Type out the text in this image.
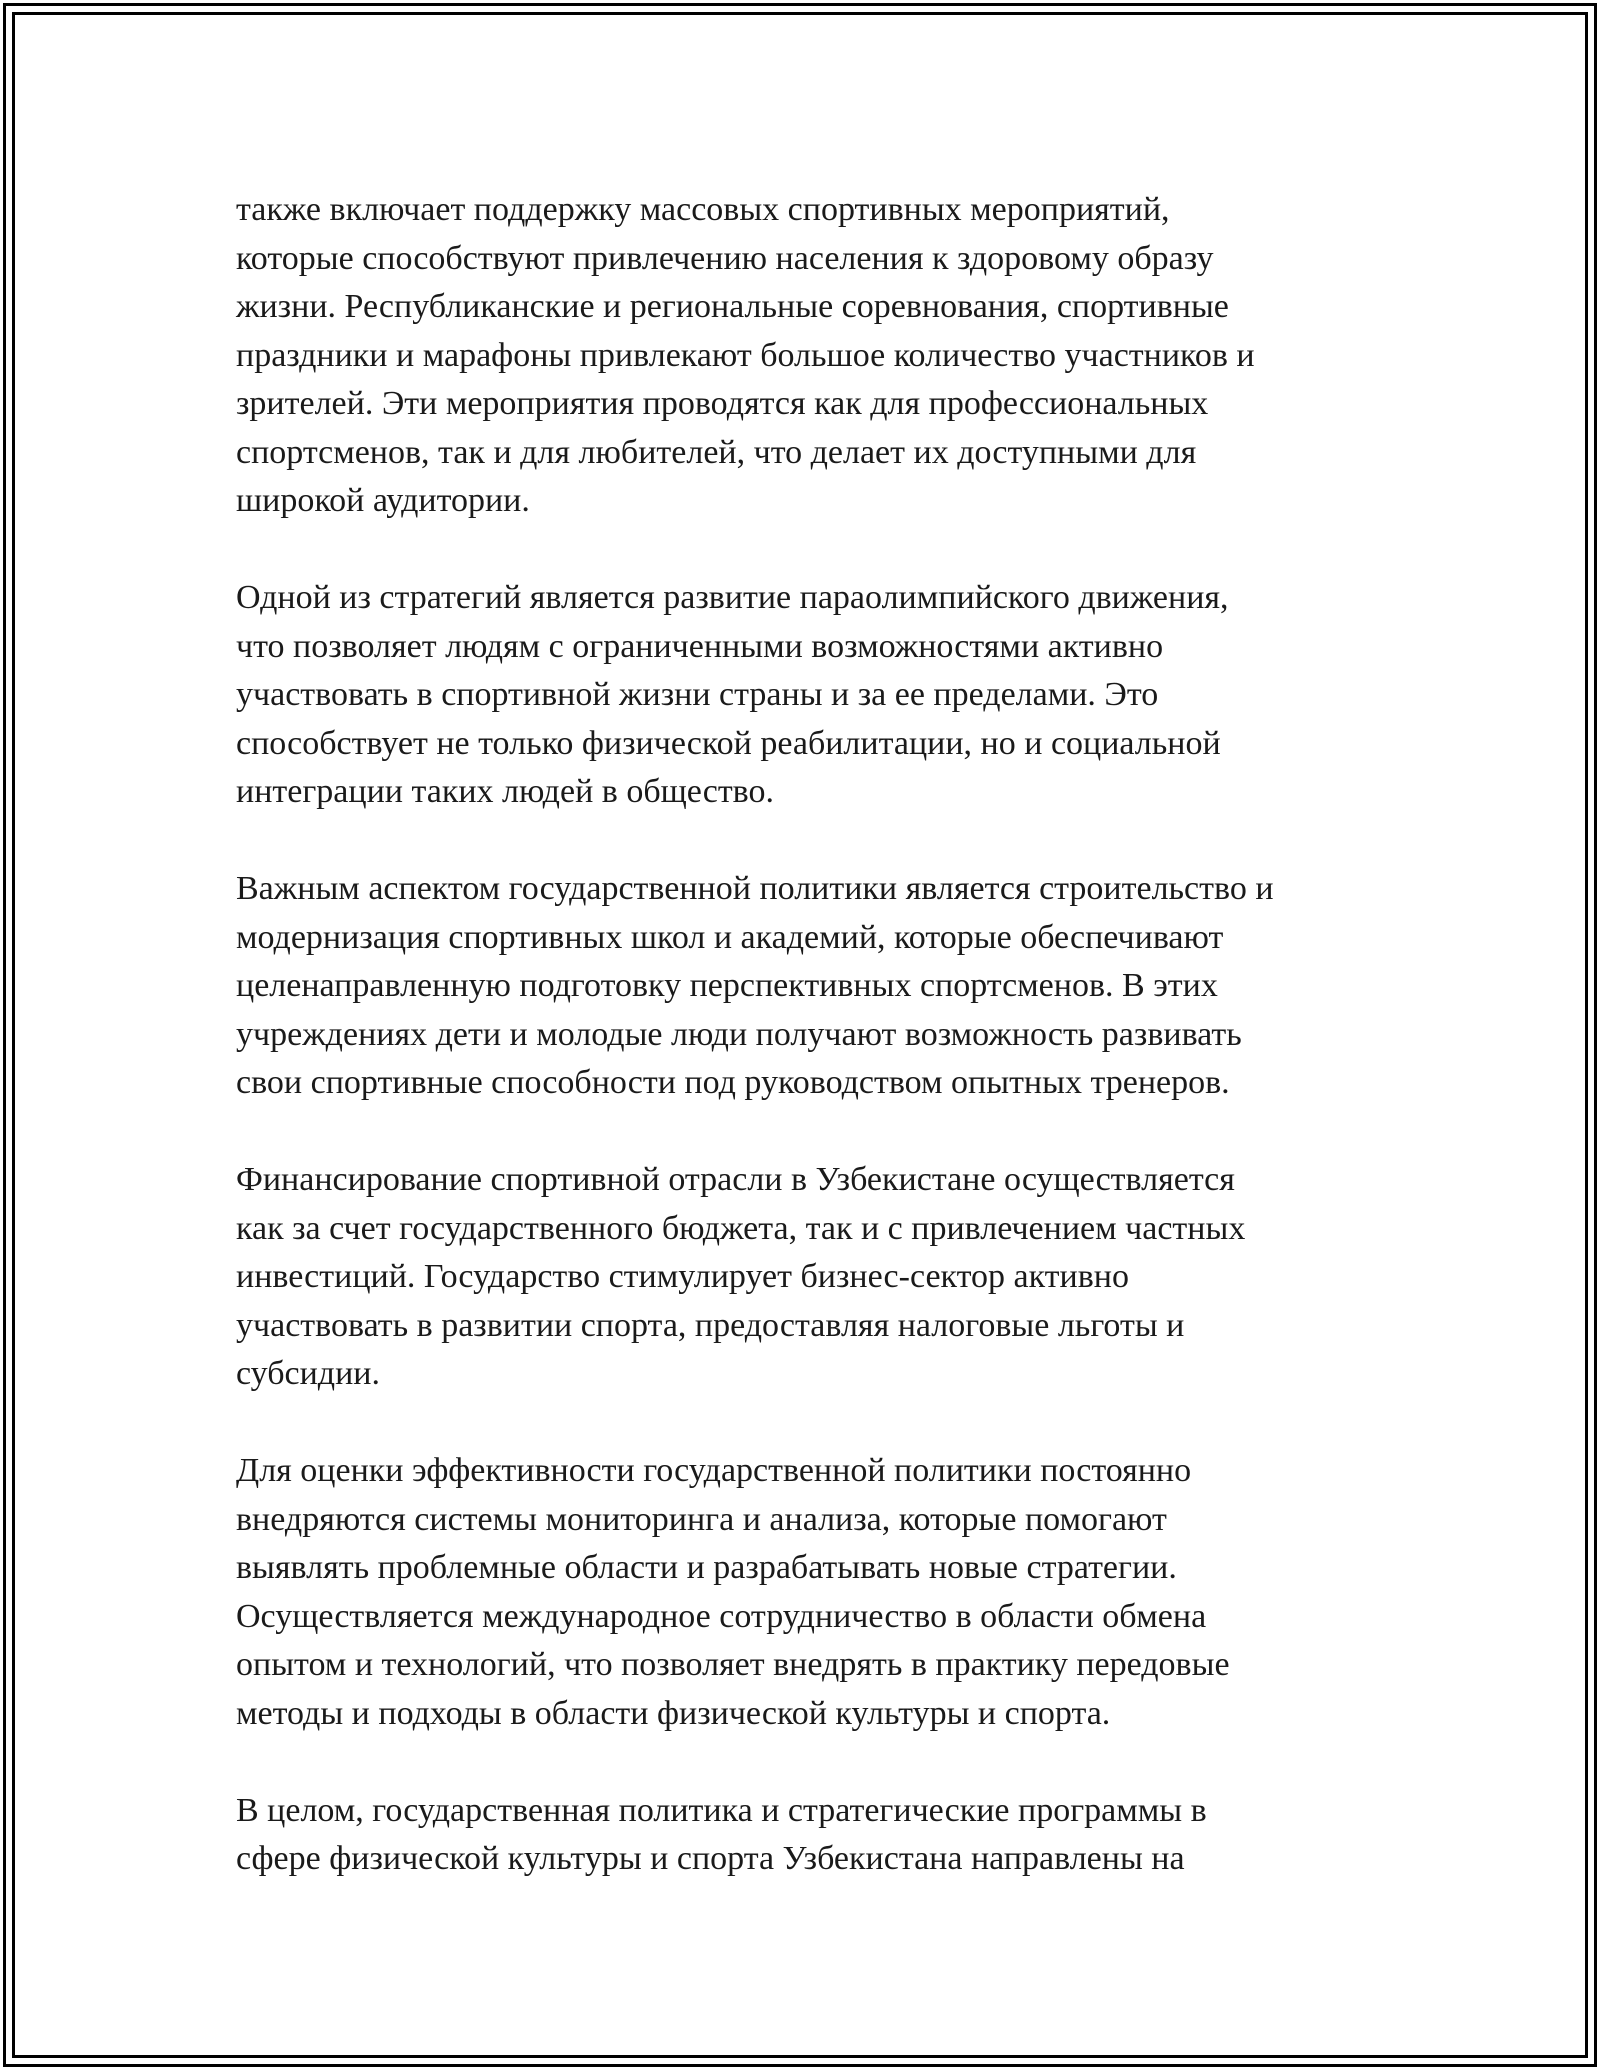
также включает поддержку массовых спортивных мероприятий,
которые способствуют привлечению населения к здоровому образу
жизни. Республиканские и региональные соревнования, спортивные
праздники и марафоны привлекают большое количество участников и
зрителей. Эти мероприятия проводятся как для профессиональных
спортсменов, так и для любителей, что делает их доступными для
широкой аудитории.
Одной из стратегий является развитие параолимпийского движения,
что позволяет людям с ограниченными возможностями активно
участвовать в спортивной жизни страны и за ее пределами. Это
способствует не только физической реабилитации, но и социальной
интеграции таких людей в общество.
Важным аспектом государственной политики является строительство и
модернизация спортивных школ и академий, которые обеспечивают
целенаправленную подготовку перспективных спортсменов. В этих
учреждениях дети и молодые люди получают возможность развивать
свои спортивные способности под руководством опытных тренеров.
Финансирование спортивной отрасли в Узбекистане осуществляется
как за счет государственного бюджета, так и с привлечением частных
инвестиций. Государство стимулирует бизнес-сектор активно
участвовать в развитии спорта, предоставляя налоговые льготы и
субсидии.
Для оценки эффективности государственной политики постоянно
внедряются системы мониторинга и анализа, которые помогают
выявлять проблемные области и разрабатывать новые стратегии.
Осуществляется международное сотрудничество в области обмена
опытом и технологий, что позволяет внедрять в практику передовые
методы и подходы в области физической культуры и спорта.
В целом, государственная политика и стратегические программы в
сфере физической культуры и спорта Узбекистана направлены на
